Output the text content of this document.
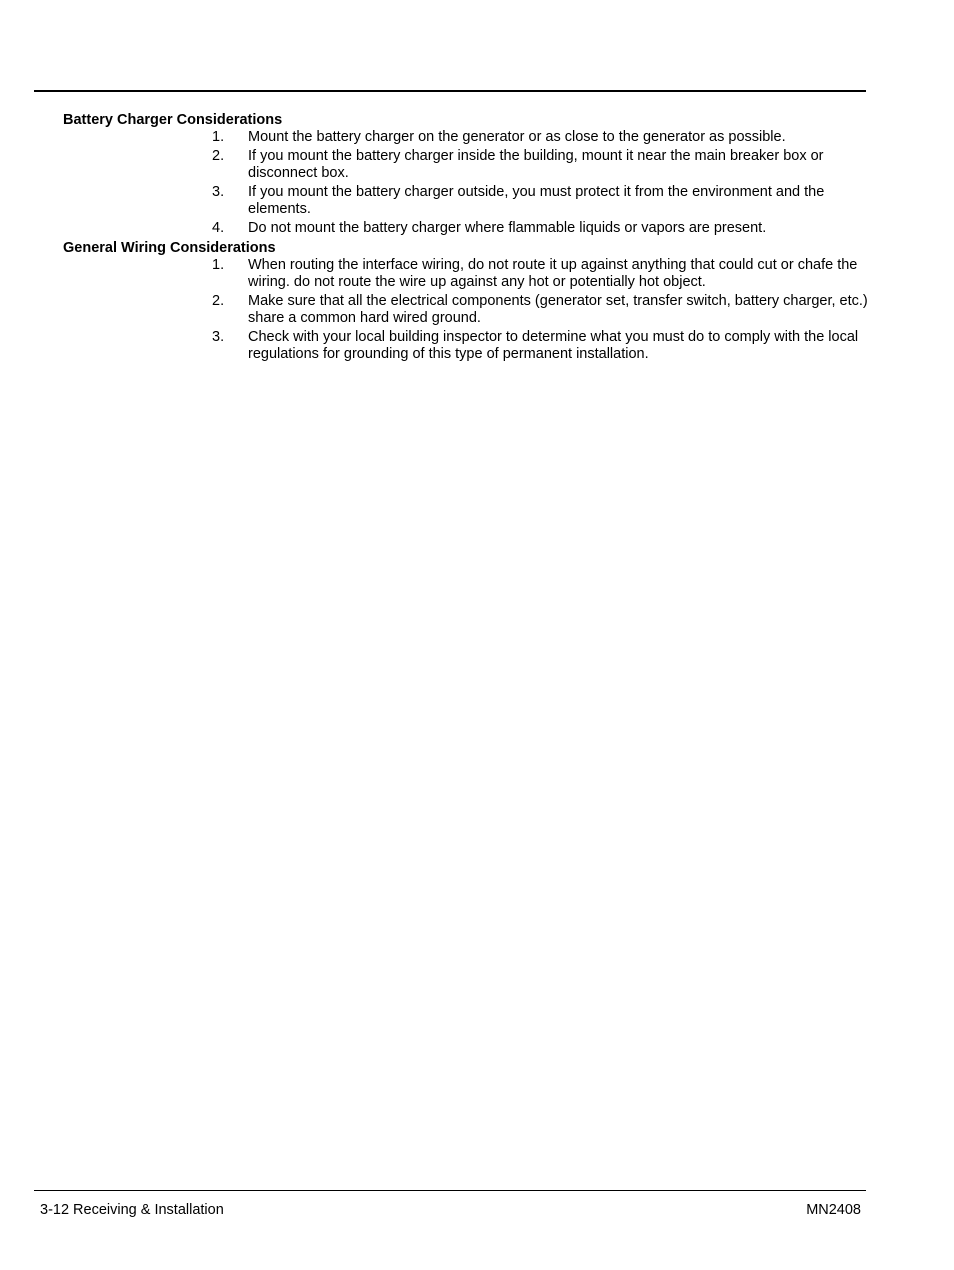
Battery Charger Considerations
1.	Mount the battery charger on the generator or as close to the generator as possible.
2.	If you mount the battery charger inside the building, mount it near the main breaker box or disconnect box.
3.	If you mount the battery charger outside, you must protect it from the environment and the elements.
4.	Do not mount the battery charger where flammable liquids or vapors are present.
General Wiring Considerations
1.	When routing the interface wiring, do not route it up against anything that could cut or chafe the wiring. do not route the wire up against any hot or potentially hot object.
2.	Make sure that all the electrical components (generator set, transfer switch, battery charger, etc.) share a common hard wired ground.
3.	Check with your local building inspector to determine what you must do to comply with the local regulations for grounding of this type of permanent installation.
3-12 Receiving & Installation	MN2408
